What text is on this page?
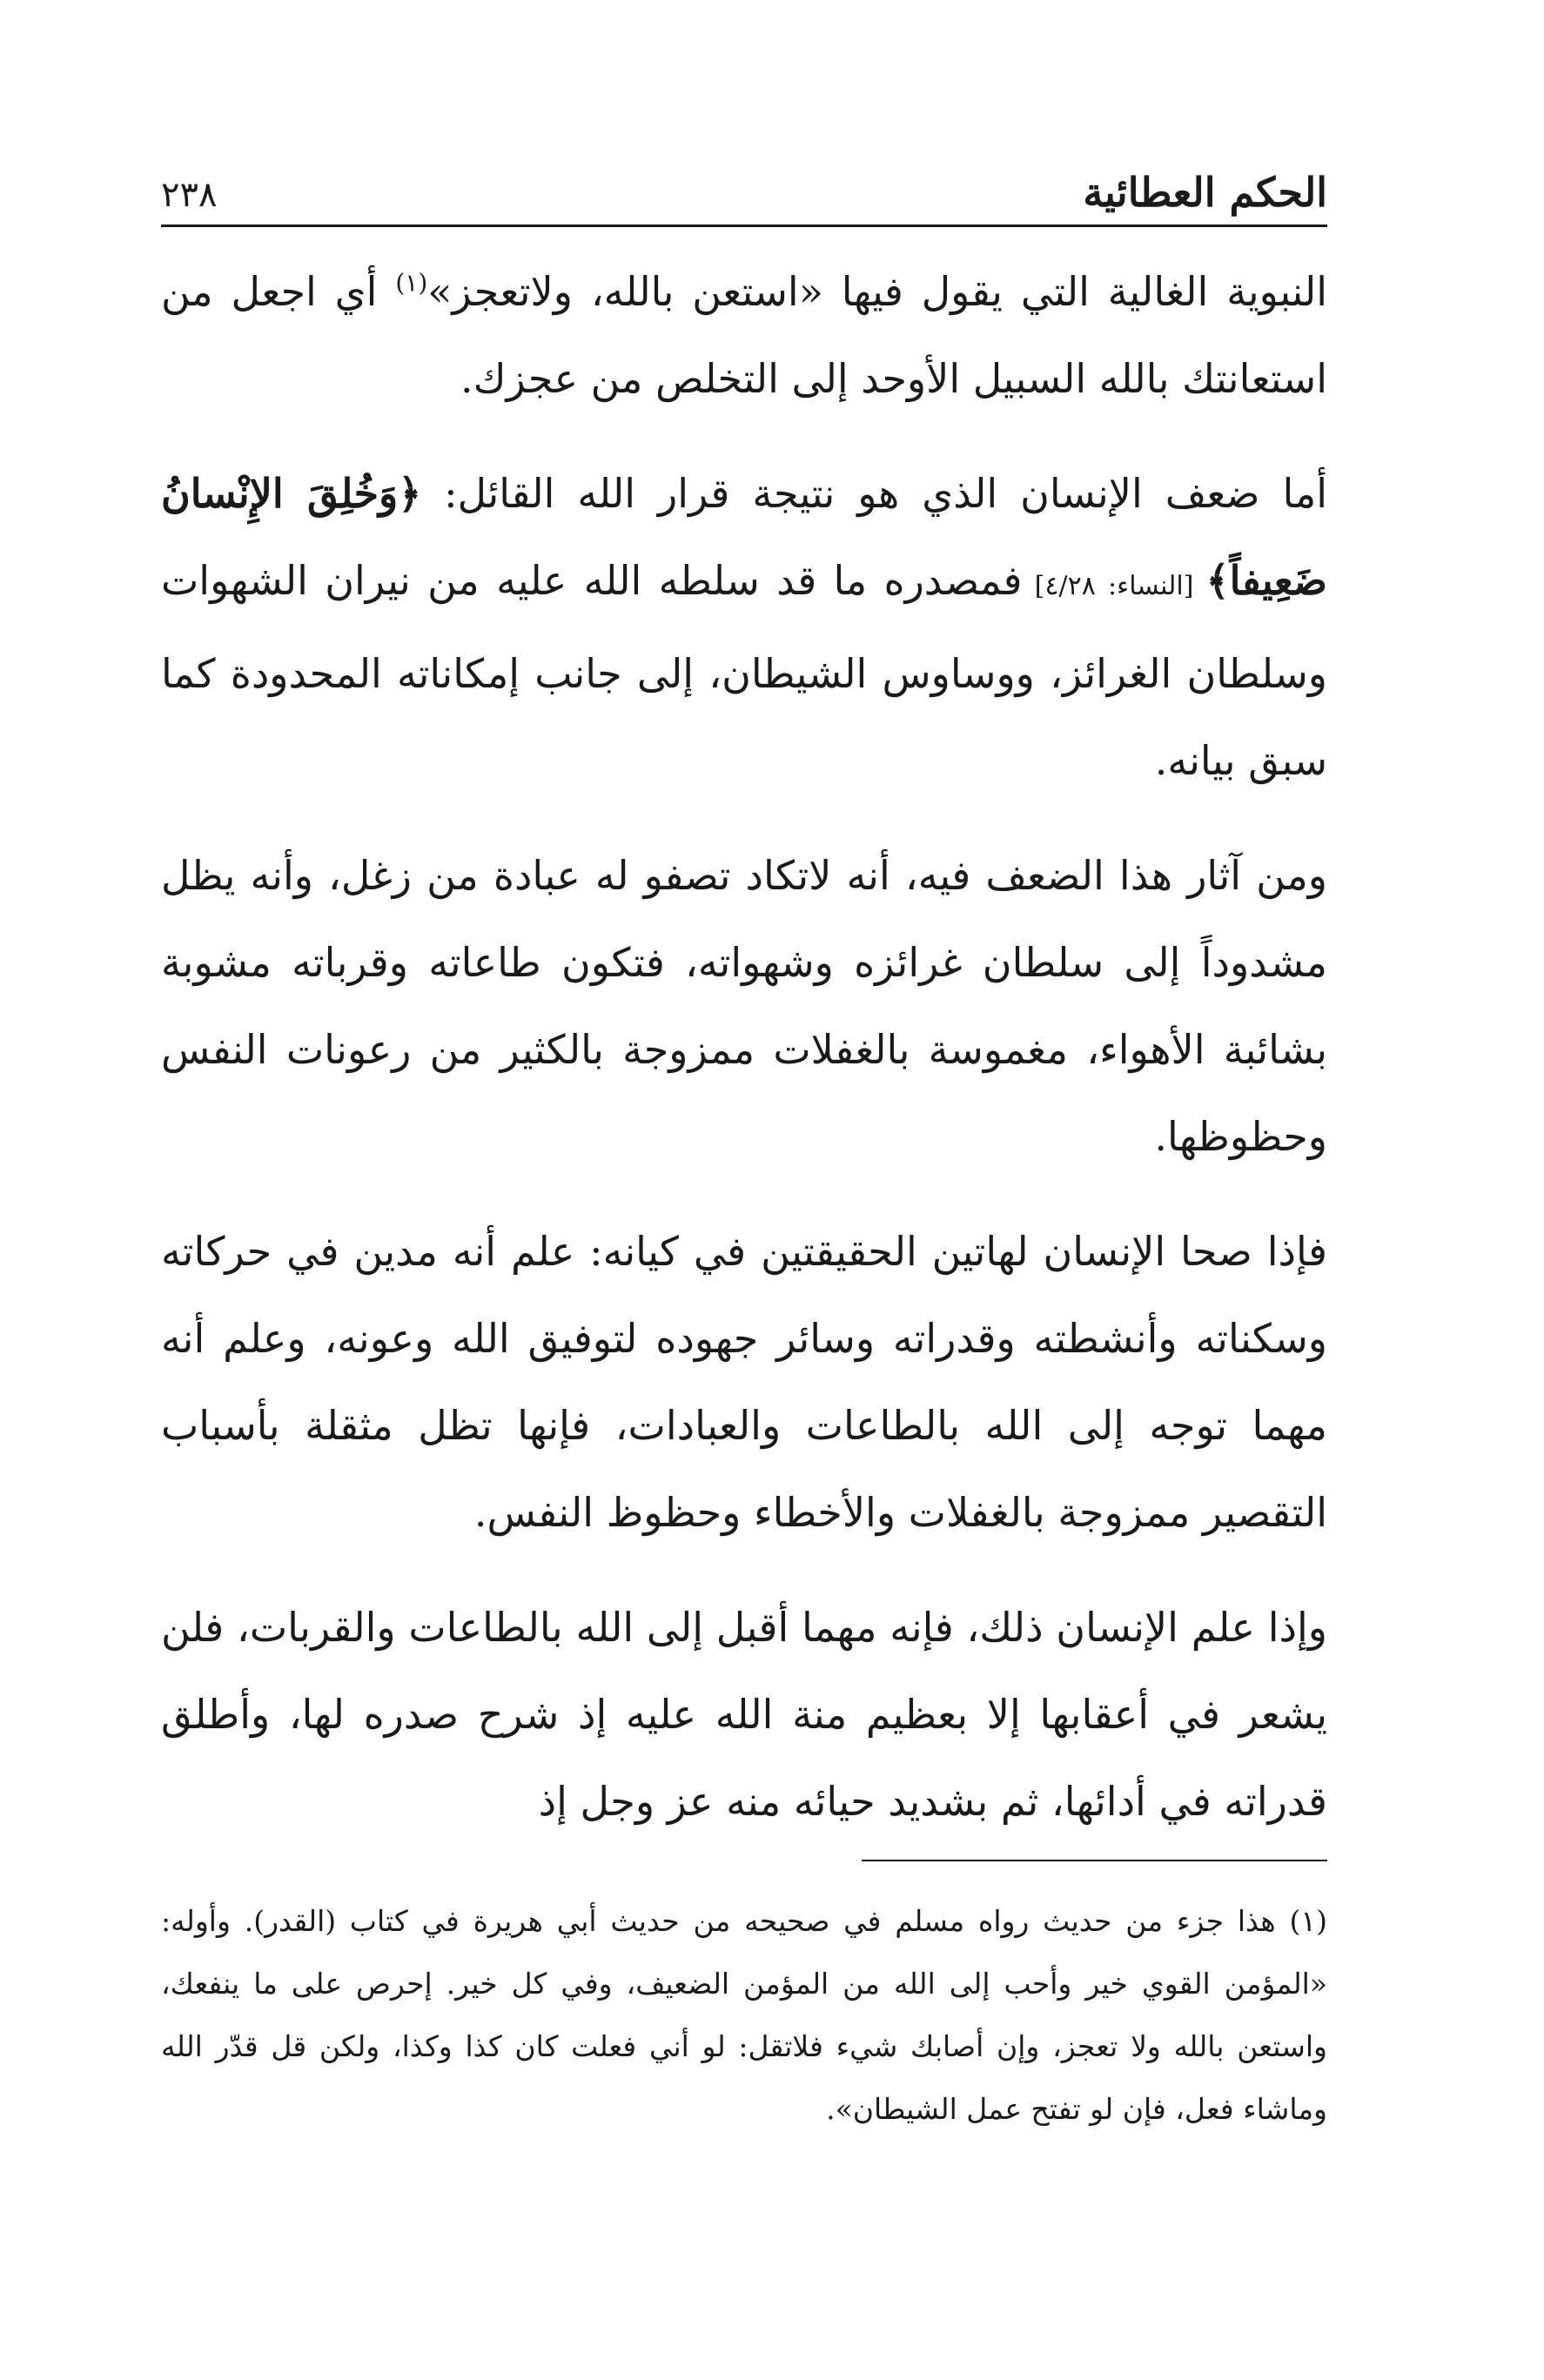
٢٣٨	الحكم العطائية

النبوية الغالية التي يقول فيها «استعن بالله، ولاتعجز»$^{(١)}$ أي اجعل من استعانتك بالله السبيل الأوحد إلى التخلص من عجزك.

أما ضعف الإنسان الذي هو نتيجة قرار الله القائل: ﴿وَخُلِقَ الإِنْسانُ ضَعِيفاً﴾ [النساء: ٤/٢٨] فمصدره ما قد سلطه الله عليه من نيران الشهوات وسلطان الغرائز، ووساوس الشيطان، إلى جانب إمكاناته المحدودة كما سبق بيانه.

ومن آثار هذا الضعف فيه، أنه لاتكاد تصفو له عبادة من زغل، وأنه يظل مشدوداً إلى سلطان غرائزه وشهواته، فتكون طاعاته وقرباته مشوبة بشائبة الأهواء، مغموسة بالغفلات ممزوجة بالكثير من رعونات النفس وحظوظها.

فإذا صحا الإنسان لهاتين الحقيقتين في كيانه: علم أنه مدين في حركاته وسكناته وأنشطته وقدراته وسائر جهوده لتوفيق الله وعونه، وعلم أنه مهما توجه إلى الله بالطاعات والعبادات، فإنها تظل مثقلة بأسباب التقصير ممزوجة بالغفلات والأخطاء وحظوظ النفس.

وإذا علم الإنسان ذلك، فإنه مهما أقبل إلى الله بالطاعات والقربات، فلن يشعر في أعقابها إلا بعظيم منة الله عليه إذ شرح صدره لها، وأطلق قدراته في أدائها، ثم بشديد حيائه منه عز وجل إذ

(١) هذا جزء من حديث رواه مسلم في صحيحه من حديث أبي هريرة في كتاب (القدر). وأوله: «المؤمن القوي خير وأحب إلى الله من المؤمن الضعيف، وفي كل خير. إحرص على ما ينفعك، واستعن بالله ولا تعجز، وإن أصابك شيء فلاتقل: لو أني فعلت كان كذا وكذا، ولكن قل قدّر الله وماشاء فعل، فإن لو تفتح عمل الشيطان».
